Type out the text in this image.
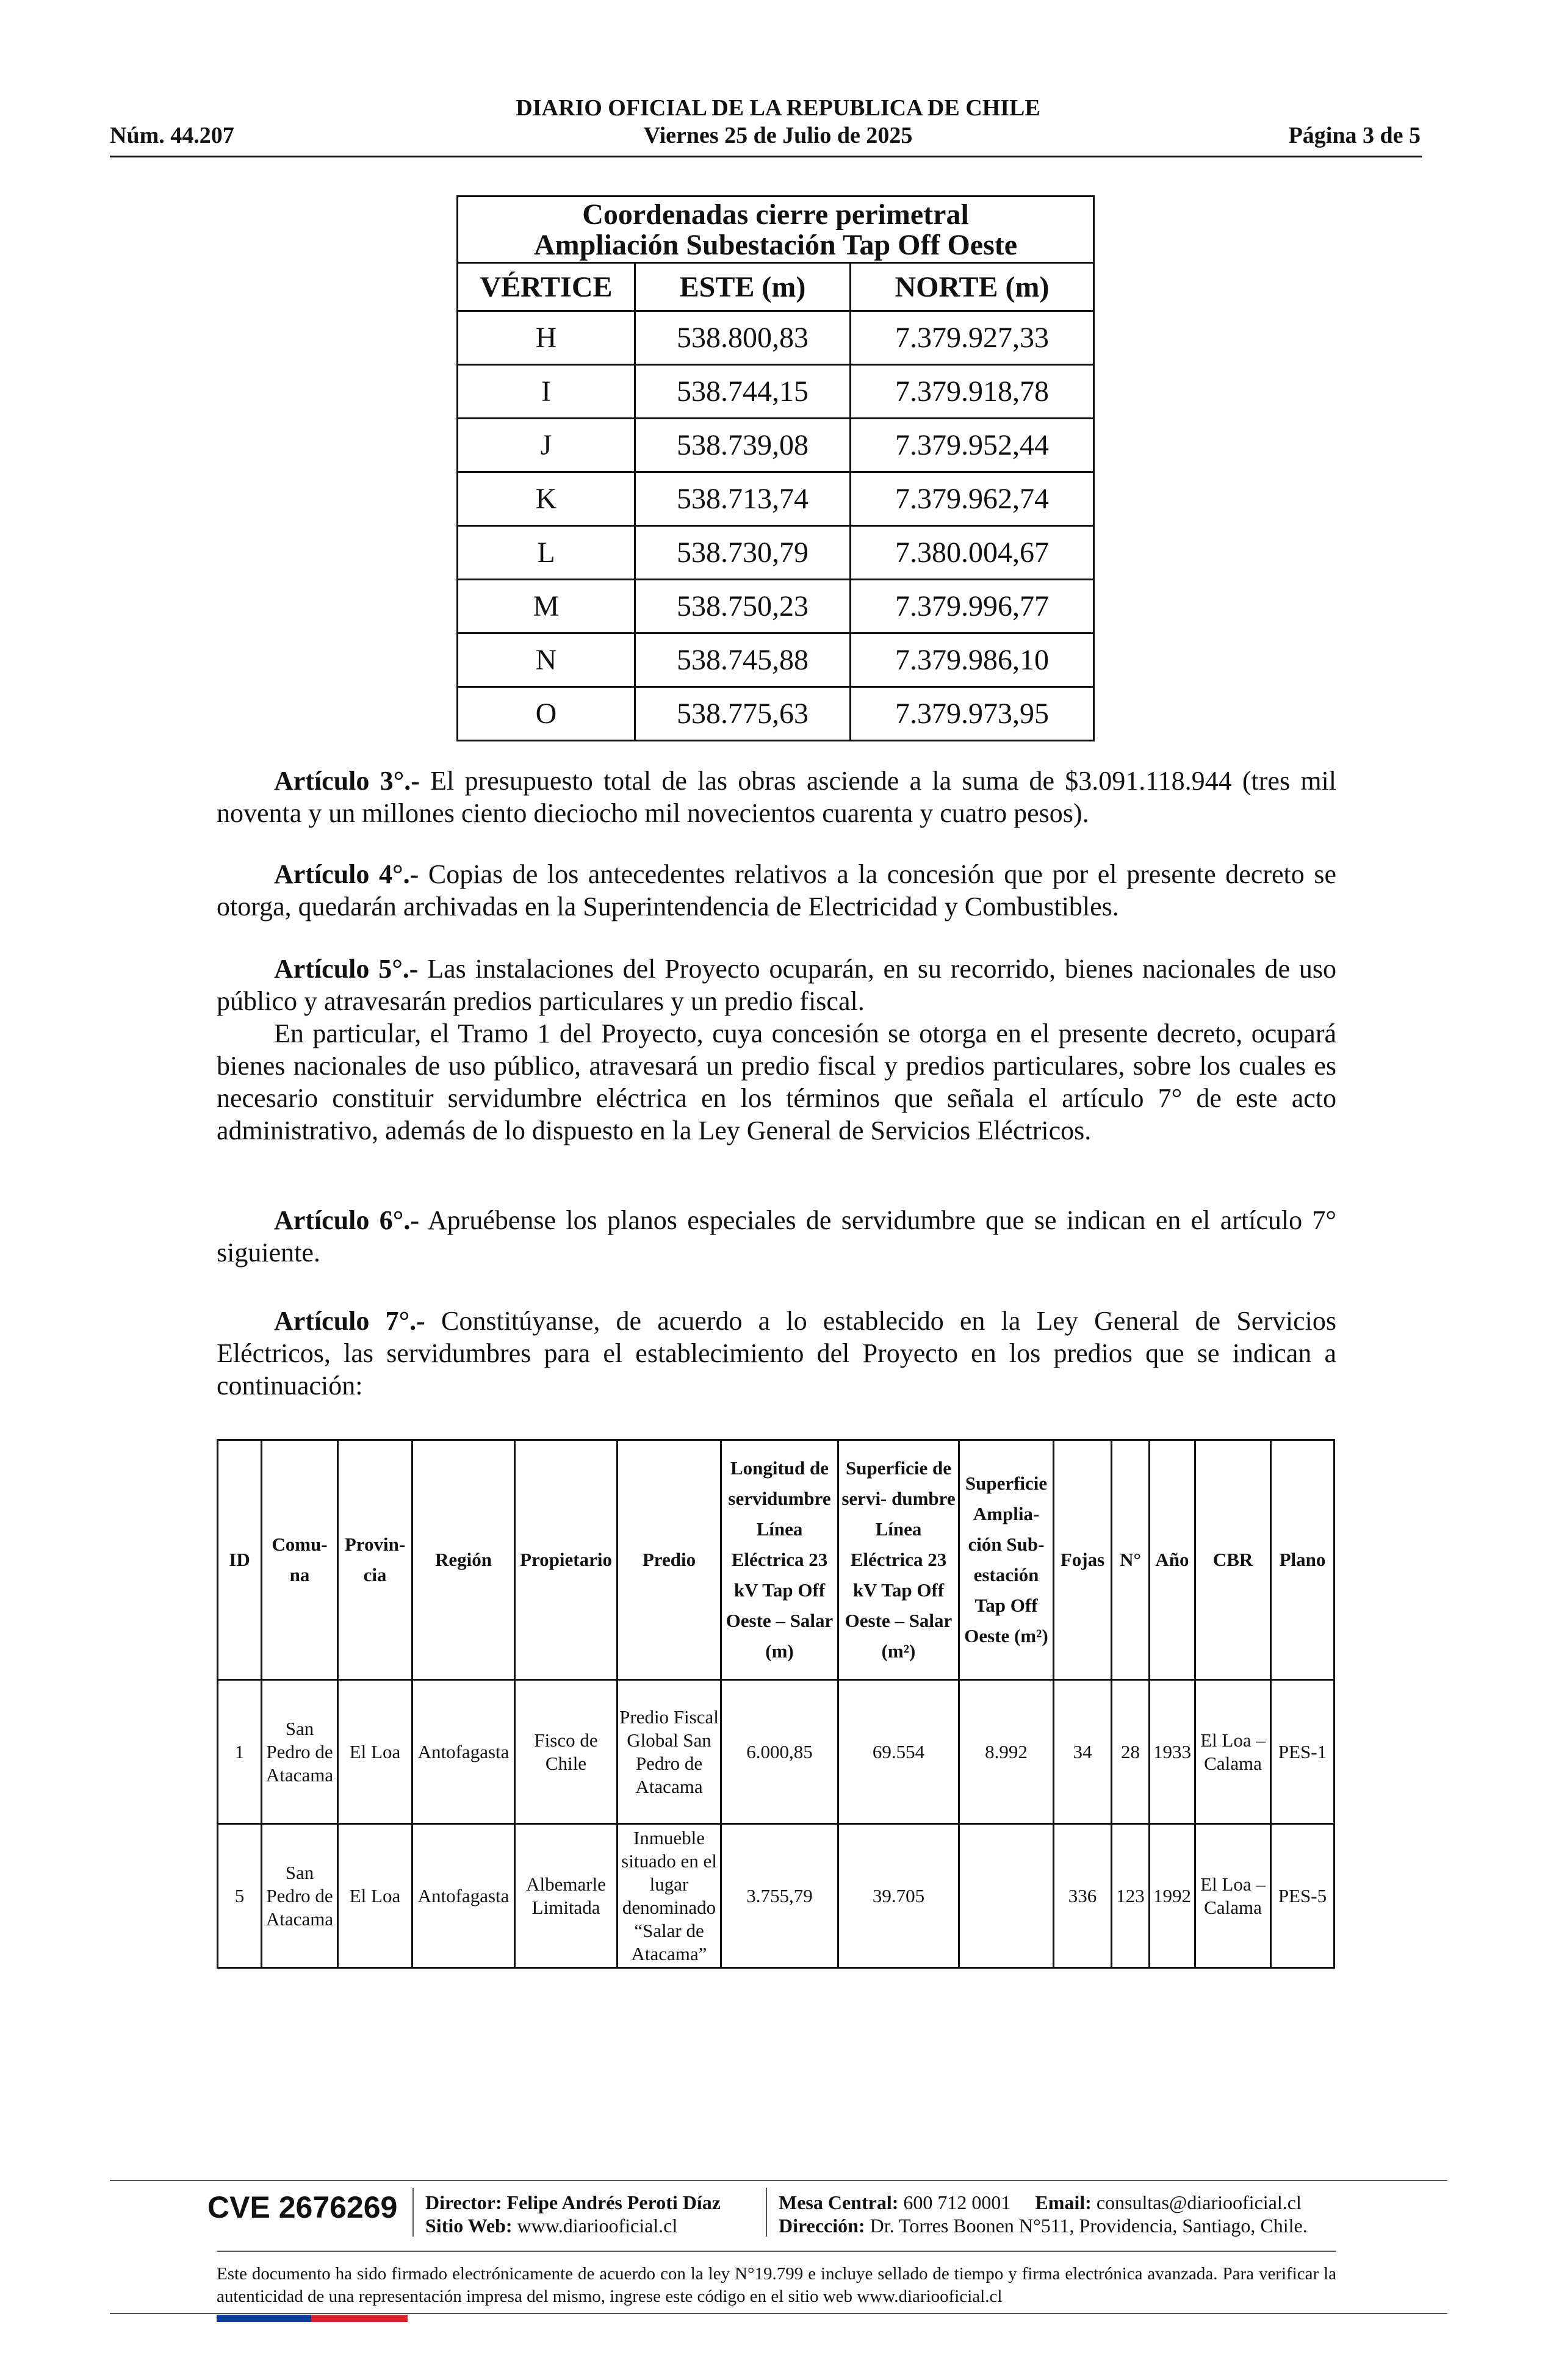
DIARIO OFICIAL DE LA REPUBLICA DE CHILE
Viernes 25 de Julio de 2025
Núm. 44.207	Página 3 de 5
Coordenadas cierre perimetral
Ampliación Subestación Tap Off Oeste		

VÉRTICE	ESTE (m)	NORTE (m)
H	538.800,83	7.379.927,33
I	538.744,15	7.379.918,78
J	538.739,08	7.379.952,44
K	538.713,74	7.379.962,74
L	538.730,79	7.380.004,67
M	538.750,23	7.379.996,77
N	538.745,88	7.379.986,10
O	538.775,63	7.379.973,95

Artículo 3°.- El presupuesto total de las obras asciende a la suma de $3.091.118.944 (tres mil noventa y un millones ciento dieciocho mil novecientos cuarenta y cuatro pesos).

Artículo 4°.- Copias de los antecedentes relativos a la concesión que por el presente decreto se otorga, quedarán archivadas en la Superintendencia de Electricidad y Combustibles.

Artículo 5°.- Las instalaciones del Proyecto ocuparán, en su recorrido, bienes nacionales de uso público y atravesarán predios particulares y un predio fiscal.

En particular, el Tramo 1 del Proyecto, cuya concesión se otorga en el presente decreto, ocupará bienes nacionales de uso público, atravesará un predio fiscal y predios particulares, sobre los cuales es necesario constituir servidumbre eléctrica en los términos que señala el artículo 7° de este acto administrativo, además de lo dispuesto en la Ley General de Servicios Eléctricos.

Artículo 6°.- Apruébense los planos especiales de servidumbre que se indican en el artículo 7° siguiente.

Artículo 7°.- Constitúyanse, de acuerdo a lo establecido en la Ley General de Servicios Eléctricos, las servidumbres para el establecimiento del Proyecto en los predios que se indican a continuación:

ID	Comu- na	Provin- cia	Región	Propietario	Predio	Longitud de servidumbre Línea Eléctrica 23 kV Tap Off Oeste – Salar (m)	Superficie de servi- dumbre Línea Eléctrica 23 kV Tap Off Oeste – Salar (m²)	Superficie Amplia- ción Sub- estación Tap Off Oeste (m²)	Fojas	N°	Año	CBR	Plano
1	San Pedro de Atacama	El Loa	Antofagasta	Fisco de Chile	Predio Fiscal Global San Pedro de Atacama	6.000,85	69.554	8.992	34	28	1933	El Loa – Calama	PES-1
5	San Pedro de Atacama	El Loa	Antofagasta	Albemarle Limitada	Inmueble situado en el lugar denominado “Salar de Atacama”	3.755,79	39.705		336	123	1992	El Loa – Calama	PES-5
CVE 2676269 Director: Felipe Andrés Peroti Díaz
Sitio Web: www.diariooficial.cl
Mesa Central: 600 712 0001 Email: consultas@diariooficial.cl
Dirección: Dr. Torres Boonen N°511, Providencia, Santiago, Chile.
Este documento ha sido firmado electrónicamente de acuerdo con la ley N°19.799 e incluye sellado de tiempo y firma electrónica avanzada. Para verificar la autenticidad de una representación impresa del mismo, ingrese este código en el sitio web www.diariooficial.cl
